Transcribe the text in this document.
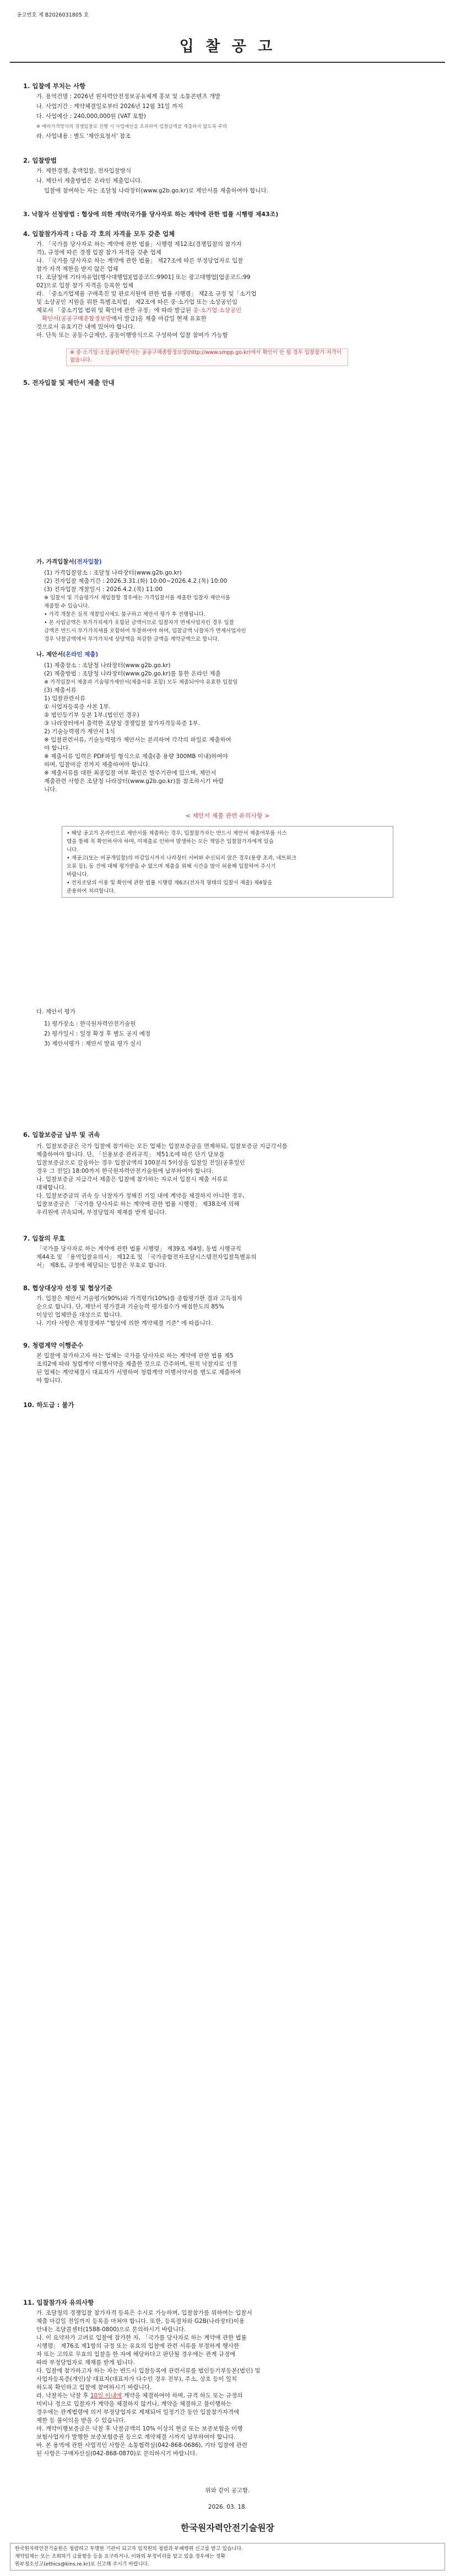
공고번호 제 B2026031805 호
입 찰 공 고
1. 입찰에 부치는 사항
가. 용역건명 : 2026년 원자력안전정보공유체계 홍보 및 소통콘텐츠 개발
나. 사업기간 : 계약체결일로부터 2026년 12월 31일 까지
다. 사업예산 : 240,000,000원 (VAT 포함)
※ 예비가격방식의 경쟁입찰로 진행 시 사업예산을 초과하여 입찰금액을 제출하지 않도록 주의
라. 사업내용 : 별도 '제안요청서' 참조
2. 입찰방법
가. 제한경쟁, 총액입찰, 전자입찰방식
나. 제안서 제출방법은 온라인 제출입니다.
입찰에 참여하는 자는 조달청 나라장터(www.g2b.go.kr)로 제안서를 제출하여야 합니다.
3. 낙찰자 선정방법 : 협상에 의한 계약(국가를 당사자로 하는 계약에 관한 법률 시행령 제43조)
4. 입찰참가자격 : 다음 각 호의 자격을 모두 갖춘 업체
가. 「국가를 당사자로 하는 계약에 관한 법률」시행령 제12조(경쟁입찰의 참가자
격), 규정에 따른 경쟁 입찰 참가 자격을 갖춘 업체
나. 「국가를 당사자로 하는 계약에 관한 법률」 제27조에 따른 부정당업자로 입찰
참가 자격 제한을 받지 않은 업체
다. 조달청에 기타자유업(행사대행업)[업종코드:9901] 또는 광고대행업[업종코드:99
02]으로 입찰 참가 자격을 등록한 업체
라. 「중소기업제품 구매촉진 및 판로지원에 관한 법률 시행령」 제2조 규정 및「소기업
및 소상공인 지원을 위한 특별조치법」 제2조에 따른 중·소기업 또는 소상공인임
제로서 「중소기업 범위 및 확인에 관한 규정」에 따라 발급된 중·소기업·소상공인
확인서(공공구매종합정보망에서 발급)을 제출 마감일 현재 유효한
것으로서 유효기간 내에 있어야 합니다.
마. 단독 또는 공동수급제안, 공동이행방식으로 구성하여 입찰 참여가 가능함
※ 중·소기업·소상공인확인서는 공공구매종합정보망(http://www.smpp.go.kr)에서 확인이 안 될 경우 입찰참가 자격이 없음니다.
5. 전자입찰 및 제안서 제출 안내
가. 가격입찰서(전자입찰)
(1) 가격입찰장소 : 조달청 나라장터(www.g2b.go.kr)
(2) 전자입찰 제출기간 : 2026.3.31.(화) 10:00~2026.4.2.(목) 10:00
(3) 전자입찰 개찰일시 : 2026.4.2.(목) 11:00
※ 입찰서 및 기술평가서 재입찰할 경우에는 가격입찰서를 제출한 입찰자 제안서를
제출할 수 있습니다.
• 가격 개찰은 실적 개찰일시에도 불구하고 제안서 평가 후 진행됩니다.
• 본 사업금액은 부가가치세가 포함된 금액이므로 입찰자가 면세사업자인 경우 입찰
금액은 반드시 부가가치세를 포함하여 투찰하여야 하며, 입찰금액 낙찰자가 면세사업자인
경우 낙찰금액에서 부가가치세 상당액을 차감한 금액을 계약금액으로 합니다.
나. 제안서(온라인 제출)
(1) 제출장소 : 조달청 나라장터(www.g2b.go.kr)
(2) 제출방법 : 조달청 나라장터(www.g2b.go.kr)를 통한 온라인 제출
※ 가격입찰서 제출과 기술평가제안서(제출서류 포함) 모두 제출되어야 유효한 입찰임
(3) 제출서류
1) 입찰관련서류
① 사업자등록증 사본 1부.
② 법인등기부 등본 1부.(법인인 경우)
③ 나라장터에서 출력한 조달청 경쟁입찰 참가자격등록증 1부.
2) 기술능력평가 제안서 1식
※ 입찰관련서류, 기술능력평가 제안서는 분리하여 각각의 파일로 제출하여
야 합니다.
※ 제출서류 입력은 PDF파일 형식으로 제출(총 용량 300MB 이내)하여야
하며, 입찰마감 전까지 제출하여야 합니다.
※ 제출서류를 대한 최종입찰 여부 확인은 발주기관에 있으며, 제안서
제출관련 사항은 조달청 나라장터(www.g2b.go.kr)를 참조하시기 바랍
니다.
< 제안서 제출 관련 유의사항 >
• 해당 공고가 온라인으로 제안서를 제출하는 경우, 입찰참가자는 반드시 제안서 제출여부를 시스
템을 통해 꼭 확인하셔야 하며, 미제출로 인하여 발생하는 모든 책임은 입찰참가자에게 있습
니다.
• 재공고(또는 비공개입찰)의 마감일시까지 나라장터 서버와 수신되지 않은 경우(용량 초과, 네트워크
오류 등), 동 건에 대해 평가받을 수 없으며 제출을 위해 시간을 많이 허용해 입찰하여 주시기
바랍니다.
• 전자조달의 이용 및 확인에 관한 법률 시행령 제6조(전자적 형태의 입찰서 제출) 제4항을
준용하여 처리합니다.
다. 제안서 평가
1) 평가장소 : 한국원자력안전기술원
2) 평가일시 : 일정 확정 후 별도 공지 예정
3) 제안서평가 : 제안서 발표 평가 실시
6. 입찰보증금 납부 및 귀속
가. 입찰보증금은 국가 입찰에 참가하는 모든 업체는 입찰보증금을 면제하되, 입찰보증금 지급각서를
제출하여야 합니다. 단, 「신용보증 관리규칙」 제51조에 따른 단기 담보를
입찰보증금으로 갈음하는 경우 입찰금액의 100분의 5이상을 입찰일 전일(공휴일인
경우 그 전일) 18:00까지 한국원자력안전기술원에 납부하여야 합니다.
나. 입찰보증금 지급각서 제출은 입찰에 참가하는 자로서 입찰시 제출 서류로
대체합니다.
다. 입찰보증금의 귀속 등 낙찰자가 정해진 기일 내에 계약을 체결하지 아니한 경우,
입찰보증금은 「국가를 당사자로 하는 계약에 관한 법률 시행령」 제38조에 의해
우리원에 귀속되며, 부정당업자 제재를 받게 됩니다.
7. 입찰의 무효
「국가를 당사자로 하는 계약에 관한 법률 시행령」 제39조 제4항, 동법 시행규칙
제44조 및 「용역입찰유의서」 제12조 및 「국가종합전자조달시스템전자입찰특별유의
서」 제8조, 규정에 해당되는 입찰은 무효로 합니다.
8. 협상대상자 선정 및 협상기준
가. 입찰은 제안서 기술평가(90%)와 가격평가(10%)를 종합평가한 결과 고득점자
순으로 합니다. 단, 제안서 평가결과 기술능력 평가점수가 배점한도의 85%
이상인 업체만을 대상으로 합니다.
나. 기타 사항은 제정경제부 "협상에 의한 계약체결 기준" 에 따릅니다.
9. 청렴계약 이행준수
본 입찰에 참가하고자 하는 업체는 국가를 당사자로 하는 계약에 관한 법률 제5
조의2에 따라 청렴계약 이행서약을 제출한 것으로 간주하며, 원칙 낙찰자로 선정
된 업체는 계약체결시 대표자가 서명하여 청렴계약 이행서약서를 별도로 제출하여
야 합니다.
10. 하도급 : 불가
11. 입찰참가자 유의사항
가. 조달청의 경쟁입찰 참가자격 등록은 수시로 가능하며, 입찰참가를 위하여는 입찰서
제출 마감일 전일까지 등록을 마쳐야 합니다. 또한, 등록절차와 G2B(나라장터)이용
안내는 조달콜센터(1588-0800)으로 문의하시기 바랍니다.
나. 이 요약자가 고려로 입찰에 참가한 자, 「국가를 당사자로 하는 계약에 관한 법률
시행령」 제76조 제1항의 규정 또는 유효의 입찰에 관련 서류를 부정하게 행사한
자 또는 고의로 무효의 입찰을 한 자에 해당하다고 판단될 경우에는 관계 규정에
따라 부정당업자로 제재를 받게 됩니다.
다. 입찰에 참가하고자 하는 자는 반드시 입찰등록에 관련서류를 법인등기부등본(법인) 및
사업자등록증(개인)상 대표자(대표자가 다수인 경우 전부), 주소, 상호 등이 일치
하도록 확인하고 입찰에 참여하시기 바랍니다.
라. 낙찰자는 낙찰 후 10일 이내에 계약을 체결하여야 하며, 규격 하도 또는 규정의
미비나 정으로 입찰자가 계약을 체결하지 않거나, 계약을 체결하고 불이행하는
경우에는 관계법령에 의거 부정당업자로 제재되어 일정기간 동안 입찰참가자격에
제한 등 불이익을 받을 수 있습니다.
마. 계약이행보증금은 낙찰 후 낙찰금액의 10% 이상의 현금 또는 보증보험을 이행
보험사업자가 발행한 보증보험증권 등으로 계약체결 시까지 납부하여야 합니다.
바. 본 용역에 관한 사업적인 사항은 소통협력실(042-868-0686), 기타 입찰에 관련
된 사항은 구매자산실(042-868-0870)로 문의하시기 바랍니다.
위와 같이 공고함.
2026. 03. 18.
한국원자력안전기술원장
한국원자력안전기술원은 청렴하고 투명한 기관이 되고자 임직원의 청렴과 부패행위 신고를 받고 있습니다.
계약업체는 또는 조회하기 금품향응 등을 요구하거나, 이와의 부정비리를 알고 있을 경우에는 정확
원부청소신고(ethics@kins.re.kr)로 신고해 주시기 바랍니다.
